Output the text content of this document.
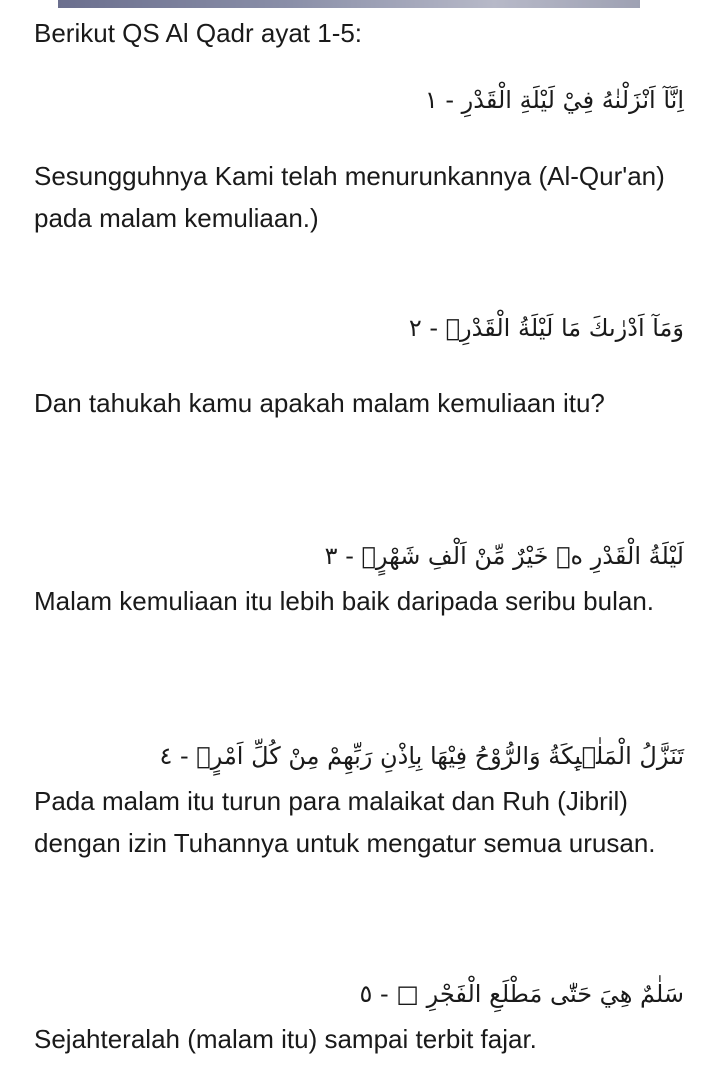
Berikut QS Al Qadr ayat 1-5:
اِنَّآ اَنْزَلْنٰهُ فِيْ لَيْلَةِ الْقَدْرِ - ١
Sesungguhnya Kami telah menurunkannya (Al-Qur'an) pada malam kemuliaan.)
وَمَآ اَدْرٰىكَ مَا لَيْلَةُ الْقَدْرِۗ - ٢
Dan tahukah kamu apakah malam kemuliaan itu?
لَيْلَةُ الْقَدْرِ ەۙ خَيْرٌ مِّنْ اَلْفِ شَهْرٍۗ - ٣
Malam kemuliaan itu lebih baik daripada seribu bulan.
تَنَزَّلُ الْمَلٰۤىِٕكَةُ وَالرُّوْحُ فِيْهَا بِاِذْنِ رَبِّهِمْ مِنْ كُلِّ اَمْرٍۛ - ٤
Pada malam itu turun para malaikat dan Ruh (Jibril) dengan izin Tuhannya untuk mengatur semua urusan.
سَلٰمٌ هِيَ حَتّٰى مَطْلَعِ الْفَجْرِ □ - ٥
Sejahteralah (malam itu) sampai terbit fajar.
